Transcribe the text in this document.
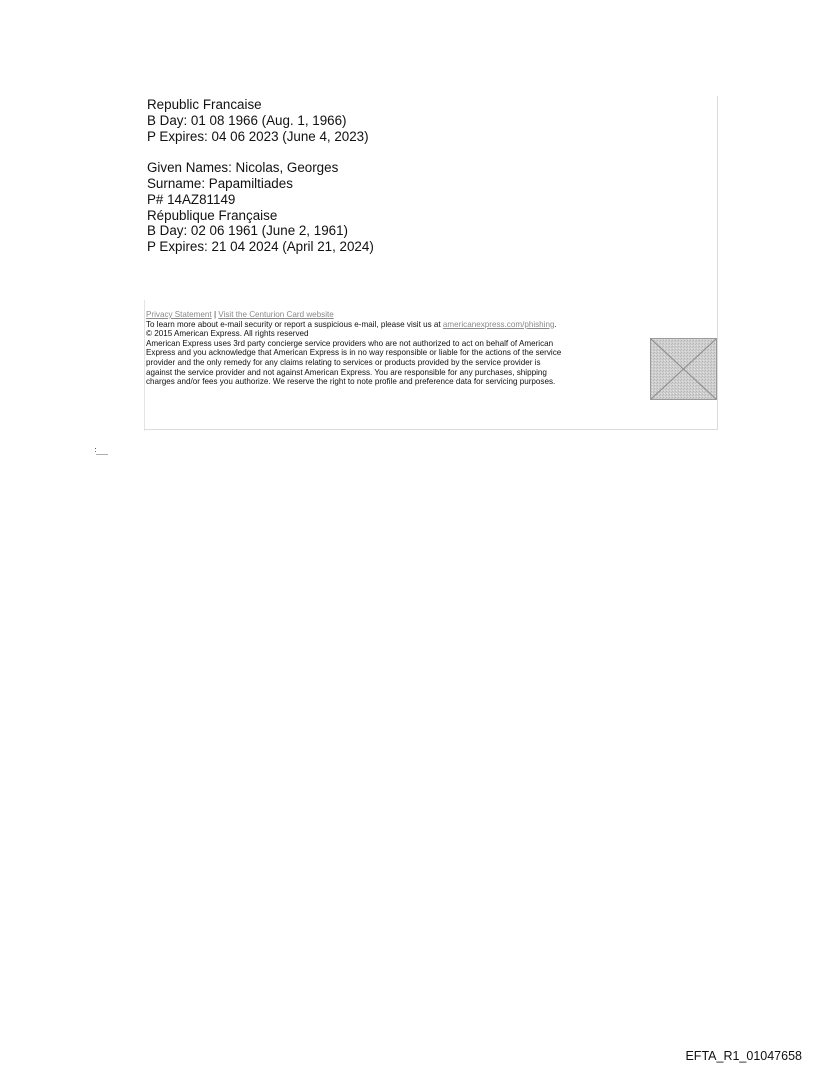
Republic Francaise
B Day: 01 08 1966 (Aug. 1, 1966)
P Expires: 04 06 2023 (June 4, 2023)
Given Names: Nicolas, Georges
Surname: Papamiltiades
P# 14AZ81149
République Française
B Day: 02 06 1961 (June 2, 1961)
P Expires: 21 04 2024 (April 21, 2024)
Privacy Statement | Visit the Centurion Card website
To learn more about e-mail security or report a suspicious e-mail, please visit us at americanexpress.com/phishing.
© 2015 American Express. All rights reserved
American Express uses 3rd party concierge service providers who are not authorized to act on behalf of American
Express and you acknowledge that American Express is in no way responsible or liable for the actions of the service
provider and the only remedy for any claims relating to services or products provided by the service provider is
against the service provider and not against American Express. You are responsible for any purchases, shipping
charges and/or fees you authorize. We reserve the right to note profile and preference data for servicing purposes.
EFTA_R1_01047658
